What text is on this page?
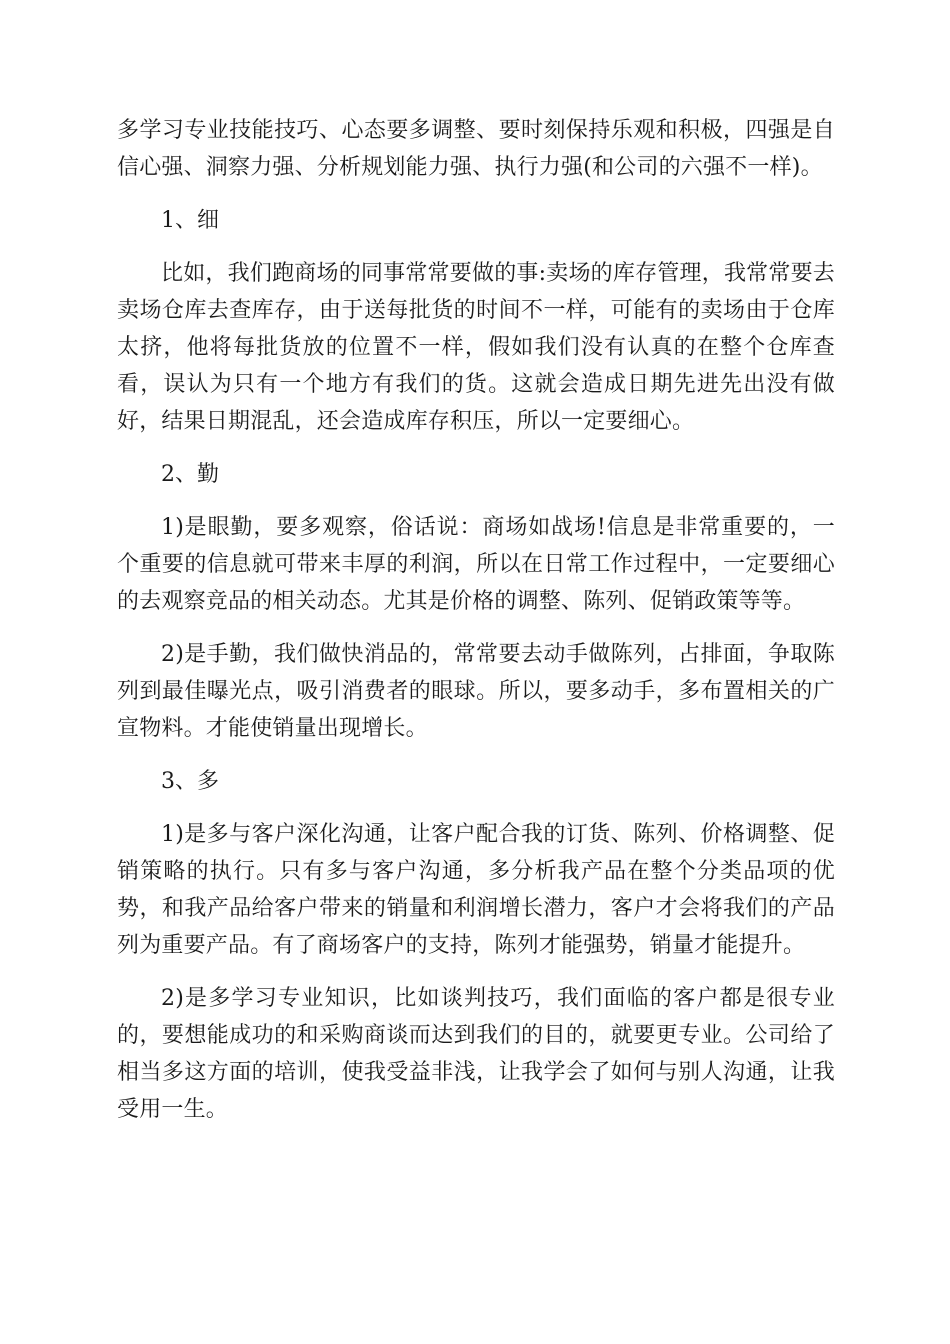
多学习专业技能技巧、心态要多调整、要时刻保持乐观和积极，四强是自信心强、洞察力强、分析规划能力强、执行力强(和公司的六强不一样)。

1、细

比如，我们跑商场的同事常常要做的事:卖场的库存管理，我常常要去卖场仓库去查库存，由于送每批货的时间不一样，可能有的卖场由于仓库太挤，他将每批货放的位置不一样，假如我们没有认真的在整个仓库查看，误认为只有一个地方有我们的货。这就会造成日期先进先出没有做好，结果日期混乱，还会造成库存积压，所以一定要细心。

2、勤

1)是眼勤，要多观察，俗话说：商场如战场!信息是非常重要的，一个重要的信息就可带来丰厚的利润，所以在日常工作过程中，一定要细心的去观察竞品的相关动态。尤其是价格的调整、陈列、促销政策等等。

2)是手勤，我们做快消品的，常常要去动手做陈列，占排面，争取陈列到最佳曝光点，吸引消费者的眼球。所以，要多动手，多布置相关的广宣物料。才能使销量出现增长。

3、多

1)是多与客户深化沟通，让客户配合我的订货、陈列、价格调整、促销策略的执行。只有多与客户沟通，多分析我产品在整个分类品项的优势，和我产品给客户带来的销量和利润增长潜力，客户才会将我们的产品列为重要产品。有了商场客户的支持，陈列才能强势，销量才能提升。

2)是多学习专业知识，比如谈判技巧，我们面临的客户都是很专业的，要想能成功的和采购商谈而达到我们的目的，就要更专业。公司给了相当多这方面的培训，使我受益非浅，让我学会了如何与别人沟通，让我受用一生。
